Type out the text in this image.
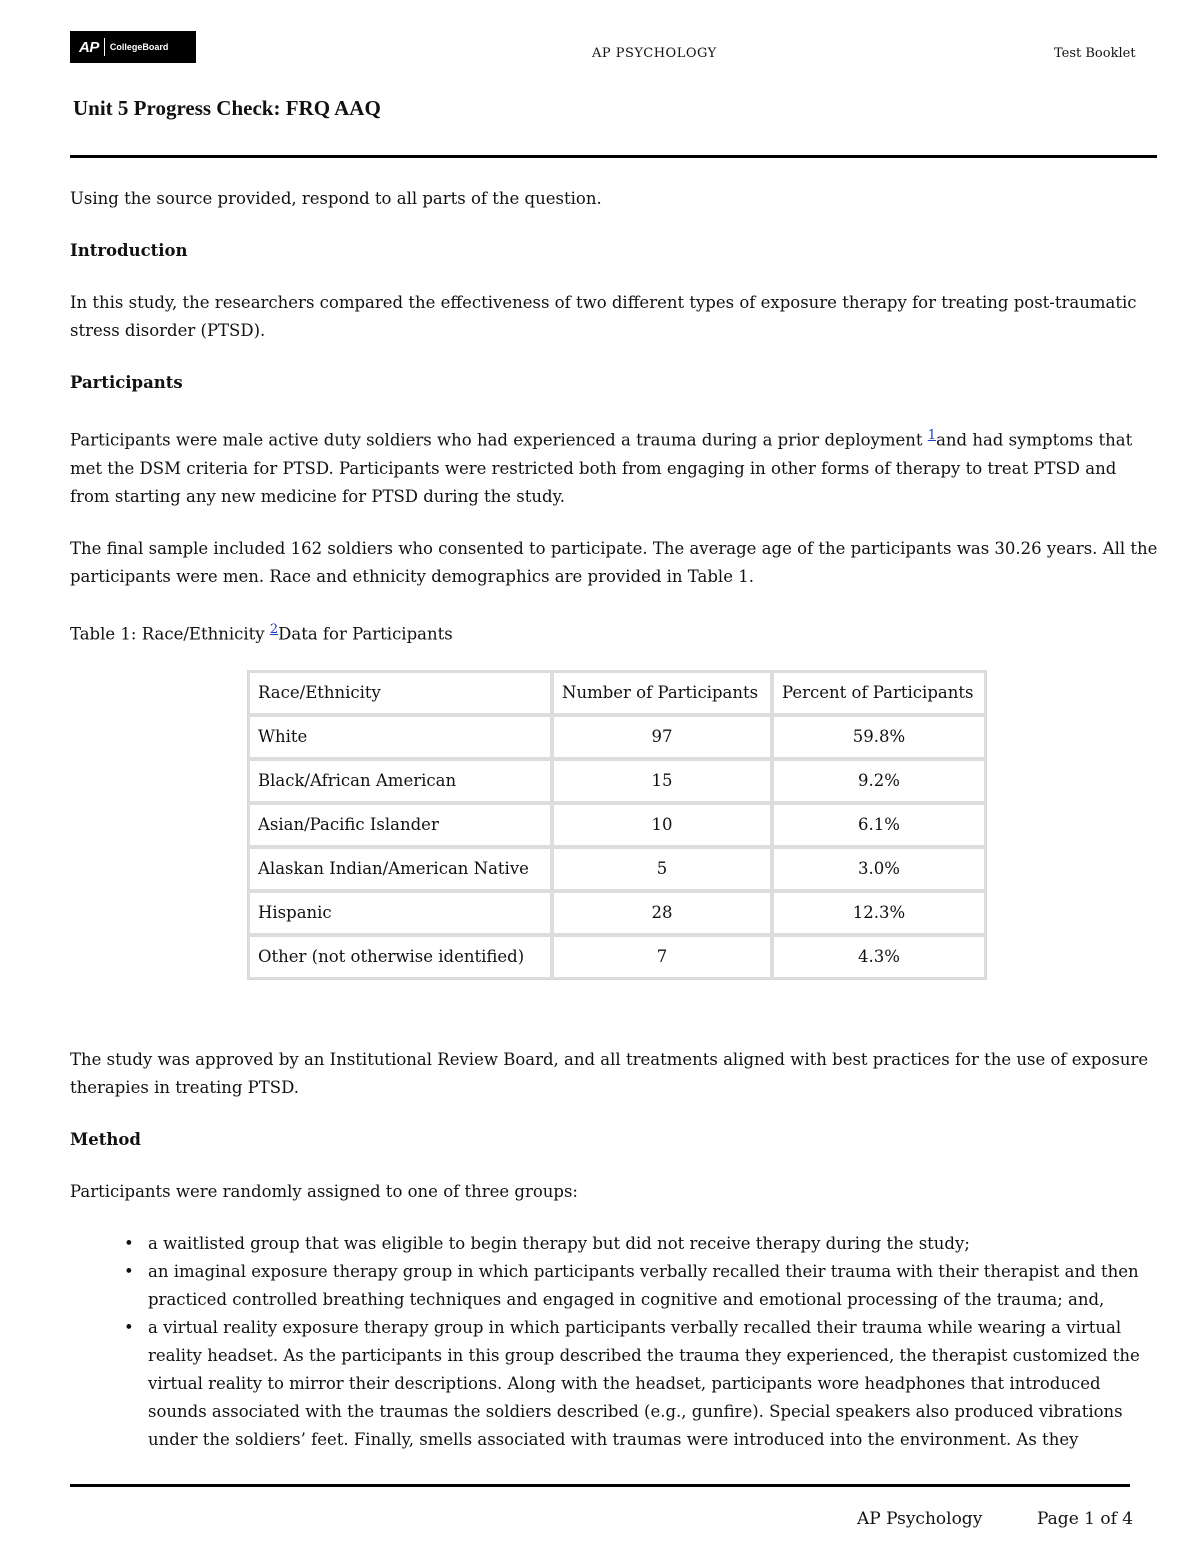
AP CollegeBoard	AP PSYCHOLOGY	Test Booklet
Unit 5 Progress Check: FRQ AAQ

Using the source provided, respond to all parts of the question.

Introduction

In this study, the researchers compared the effectiveness of two different types of exposure therapy for treating post-traumatic stress disorder (PTSD).

Participants

Participants were male active duty soldiers who had experienced a trauma during a prior deployment $^1$and had symptoms that met the DSM criteria for PTSD. Participants were restricted both from engaging in other forms of therapy to treat PTSD and from starting any new medicine for PTSD during the study.

The final sample included 162 soldiers who consented to participate. The average age of the participants was 30.26 years. All the participants were men. Race and ethnicity demographics are provided in Table 1.

Table 1: Race/Ethnicity $^2$Data for Participants

Race/Ethnicity	Number of Participants	Percent of Participants
White	97	59.8%
Black/African American	15	9.2%
Asian/Pacific Islander	10	6.1%
Alaskan Indian/American Native	5	3.0%
Hispanic	28	12.3%
Other (not otherwise identified)	7	4.3%

The study was approved by an Institutional Review Board, and all treatments aligned with best practices for the use of exposure therapies in treating PTSD.

Method

Participants were randomly assigned to one of three groups:

• a waitlisted group that was eligible to begin therapy but did not receive therapy during the study;
• an imaginal exposure therapy group in which participants verbally recalled their trauma with their therapist and then practiced controlled breathing techniques and engaged in cognitive and emotional processing of the trauma; and,
• a virtual reality exposure therapy group in which participants verbally recalled their trauma while wearing a virtual reality headset. As the participants in this group described the trauma they experienced, the therapist customized the virtual reality to mirror their descriptions. Along with the headset, participants wore headphones that introduced sounds associated with the traumas the soldiers described (e.g., gunfire). Special speakers also produced vibrations under the soldiers’ feet. Finally, smells associated with traumas were introduced into the environment. As they
AP Psychology	Page 1 of 4
